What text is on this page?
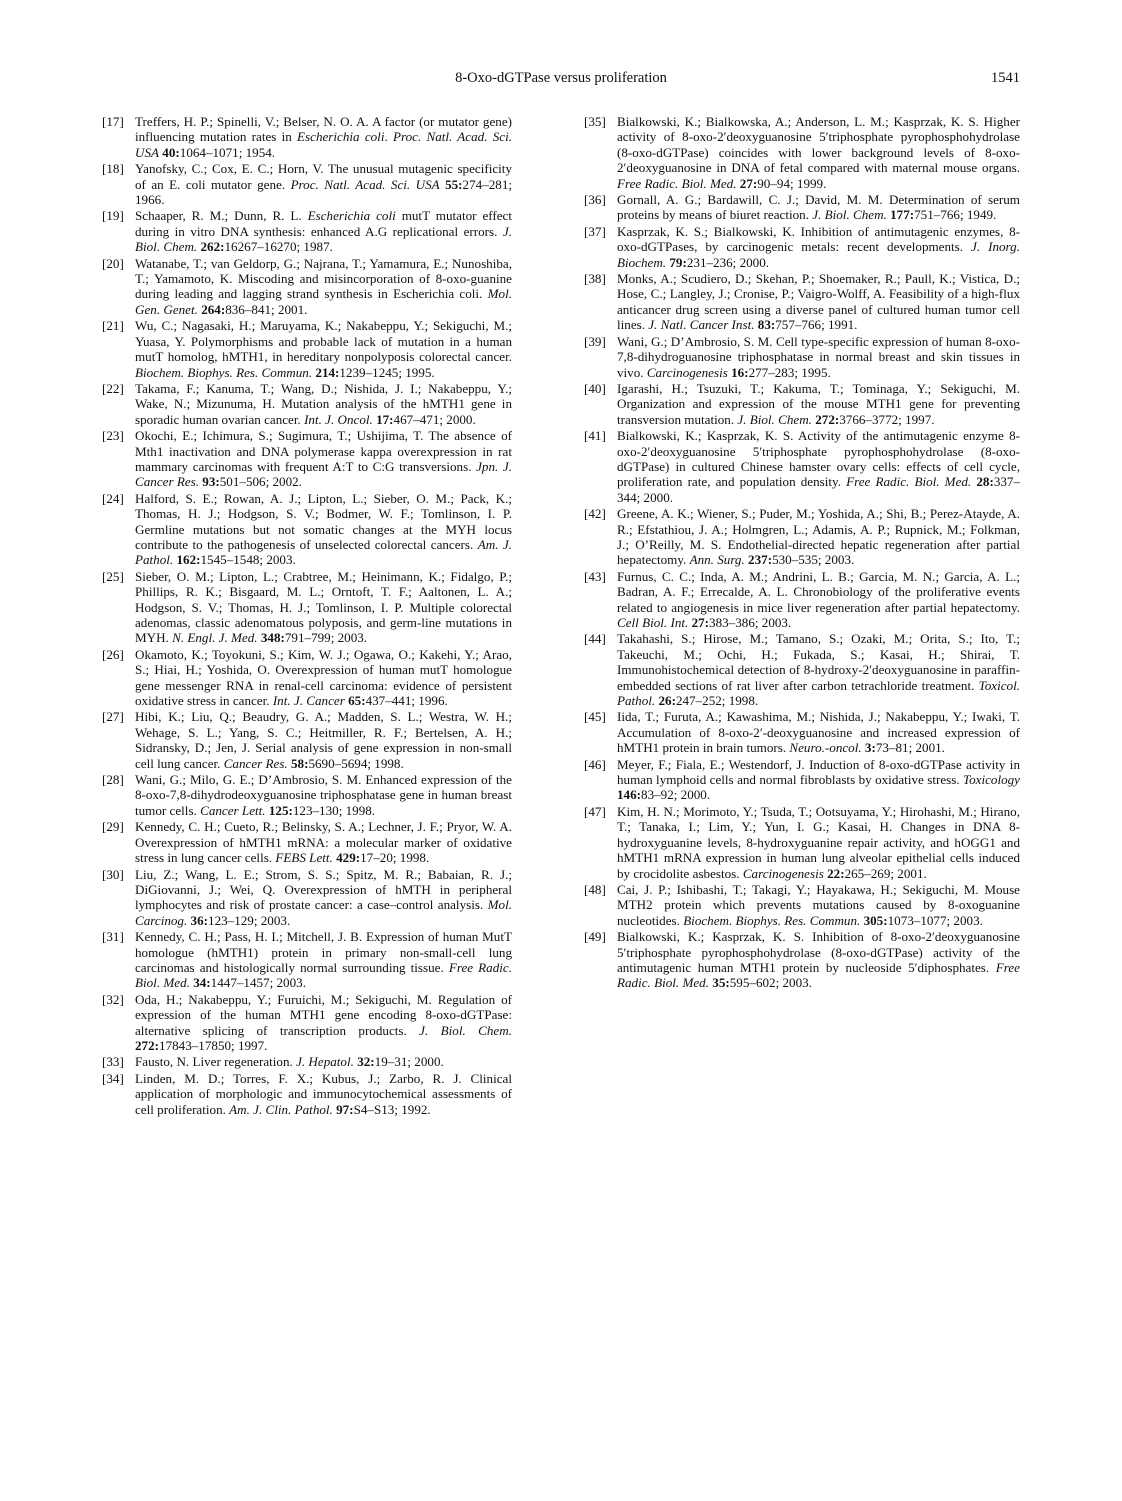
8-Oxo-dGTPase versus proliferation	1541
[17] Treffers, H. P.; Spinelli, V.; Belser, N. O. A. A factor (or mutator gene) influencing mutation rates in Escherichia coli. Proc. Natl. Acad. Sci. USA 40:1064–1071; 1954.
[18] Yanofsky, C.; Cox, E. C.; Horn, V. The unusual mutagenic specificity of an E. coli mutator gene. Proc. Natl. Acad. Sci. USA 55:274–281; 1966.
[19] Schaaper, R. M.; Dunn, R. L. Escherichia coli mutT mutator effect during in vitro DNA synthesis: enhanced A.G replicational errors. J. Biol. Chem. 262:16267–16270; 1987.
[20] Watanabe, T.; van Geldorp, G.; Najrana, T.; Yamamura, E.; Nunoshiba, T.; Yamamoto, K. Miscoding and misincorporation of 8-oxo-guanine during leading and lagging strand synthesis in Escherichia coli. Mol. Gen. Genet. 264:836–841; 2001.
[21] Wu, C.; Nagasaki, H.; Maruyama, K.; Nakabeppu, Y.; Sekiguchi, M.; Yuasa, Y. Polymorphisms and probable lack of mutation in a human mutT homolog, hMTH1, in hereditary nonpolyposis colorectal cancer. Biochem. Biophys. Res. Commun. 214:1239–1245; 1995.
[22] Takama, F.; Kanuma, T.; Wang, D.; Nishida, J. I.; Nakabeppu, Y.; Wake, N.; Mizunuma, H. Mutation analysis of the hMTH1 gene in sporadic human ovarian cancer. Int. J. Oncol. 17:467–471; 2000.
[23] Okochi, E.; Ichimura, S.; Sugimura, T.; Ushijima, T. The absence of Mth1 inactivation and DNA polymerase kappa overexpression in rat mammary carcinomas with frequent A:T to C:G transversions. Jpn. J. Cancer Res. 93:501–506; 2002.
[24] Halford, S. E.; Rowan, A. J.; Lipton, L.; Sieber, O. M.; Pack, K.; Thomas, H. J.; Hodgson, S. V.; Bodmer, W. F.; Tomlinson, I. P. Germline mutations but not somatic changes at the MYH locus contribute to the pathogenesis of unselected colorectal cancers. Am. J. Pathol. 162:1545–1548; 2003.
[25] Sieber, O. M.; Lipton, L.; Crabtree, M.; Heinimann, K.; Fidalgo, P.; Phillips, R. K.; Bisgaard, M. L.; Orntoft, T. F.; Aaltonen, L. A.; Hodgson, S. V.; Thomas, H. J.; Tomlinson, I. P. Multiple colorectal adenomas, classic adenomatous polyposis, and germ-line mutations in MYH. N. Engl. J. Med. 348:791–799; 2003.
[26] Okamoto, K.; Toyokuni, S.; Kim, W. J.; Ogawa, O.; Kakehi, Y.; Arao, S.; Hiai, H.; Yoshida, O. Overexpression of human mutT homologue gene messenger RNA in renal-cell carcinoma: evidence of persistent oxidative stress in cancer. Int. J. Cancer 65:437–441; 1996.
[27] Hibi, K.; Liu, Q.; Beaudry, G. A.; Madden, S. L.; Westra, W. H.; Wehage, S. L.; Yang, S. C.; Heitmiller, R. F.; Bertelsen, A. H.; Sidransky, D.; Jen, J. Serial analysis of gene expression in non-small cell lung cancer. Cancer Res. 58:5690–5694; 1998.
[28] Wani, G.; Milo, G. E.; D’Ambrosio, S. M. Enhanced expression of the 8-oxo-7,8-dihydrodeoxyguanosine triphosphatase gene in human breast tumor cells. Cancer Lett. 125:123–130; 1998.
[29] Kennedy, C. H.; Cueto, R.; Belinsky, S. A.; Lechner, J. F.; Pryor, W. A. Overexpression of hMTH1 mRNA: a molecular marker of oxidative stress in lung cancer cells. FEBS Lett. 429:17–20; 1998.
[30] Liu, Z.; Wang, L. E.; Strom, S. S.; Spitz, M. R.; Babaian, R. J.; DiGiovanni, J.; Wei, Q. Overexpression of hMTH in peripheral lymphocytes and risk of prostate cancer: a case–control analysis. Mol. Carcinog. 36:123–129; 2003.
[31] Kennedy, C. H.; Pass, H. I.; Mitchell, J. B. Expression of human MutT homologue (hMTH1) protein in primary non-small-cell lung carcinomas and histologically normal surrounding tissue. Free Radic. Biol. Med. 34:1447–1457; 2003.
[32] Oda, H.; Nakabeppu, Y.; Furuichi, M.; Sekiguchi, M. Regulation of expression of the human MTH1 gene encoding 8-oxo-dGTPase: alternative splicing of transcription products. J. Biol. Chem. 272:17843–17850; 1997.
[33] Fausto, N. Liver regeneration. J. Hepatol. 32:19–31; 2000.
[34] Linden, M. D.; Torres, F. X.; Kubus, J.; Zarbo, R. J. Clinical application of morphologic and immunocytochemical assessments of cell proliferation. Am. J. Clin. Pathol. 97:S4–S13; 1992.
[35] Bialkowski, K.; Bialkowska, A.; Anderson, L. M.; Kasprzak, K. S. Higher activity of 8-oxo-2′deoxyguanosine 5′triphosphate pyrophosphohydrolase (8-oxo-dGTPase) coincides with lower background levels of 8-oxo-2′deoxyguanosine in DNA of fetal compared with maternal mouse organs. Free Radic. Biol. Med. 27:90–94; 1999.
[36] Gornall, A. G.; Bardawill, C. J.; David, M. M. Determination of serum proteins by means of biuret reaction. J. Biol. Chem. 177:751–766; 1949.
[37] Kasprzak, K. S.; Bialkowski, K. Inhibition of antimutagenic enzymes, 8-oxo-dGTPases, by carcinogenic metals: recent developments. J. Inorg. Biochem. 79:231–236; 2000.
[38] Monks, A.; Scudiero, D.; Skehan, P.; Shoemaker, R.; Paull, K.; Vistica, D.; Hose, C.; Langley, J.; Cronise, P.; Vaigro-Wolff, A. Feasibility of a high-flux anticancer drug screen using a diverse panel of cultured human tumor cell lines. J. Natl. Cancer Inst. 83:757–766; 1991.
[39] Wani, G.; D’Ambrosio, S. M. Cell type-specific expression of human 8-oxo-7,8-dihydroguanosine triphosphatase in normal breast and skin tissues in vivo. Carcinogenesis 16:277–283; 1995.
[40] Igarashi, H.; Tsuzuki, T.; Kakuma, T.; Tominaga, Y.; Sekiguchi, M. Organization and expression of the mouse MTH1 gene for preventing transversion mutation. J. Biol. Chem. 272:3766–3772; 1997.
[41] Bialkowski, K.; Kasprzak, K. S. Activity of the antimutagenic enzyme 8-oxo-2′deoxyguanosine 5′triphosphate pyrophosphohydrolase (8-oxo-dGTPase) in cultured Chinese hamster ovary cells: effects of cell cycle, proliferation rate, and population density. Free Radic. Biol. Med. 28:337–344; 2000.
[42] Greene, A. K.; Wiener, S.; Puder, M.; Yoshida, A.; Shi, B.; Perez-Atayde, A. R.; Efstathiou, J. A.; Holmgren, L.; Adamis, A. P.; Rupnick, M.; Folkman, J.; O’Reilly, M. S. Endothelial-directed hepatic regeneration after partial hepatectomy. Ann. Surg. 237:530–535; 2003.
[43] Furnus, C. C.; Inda, A. M.; Andrini, L. B.; Garcia, M. N.; Garcia, A. L.; Badran, A. F.; Errecalde, A. L. Chronobiology of the proliferative events related to angiogenesis in mice liver regeneration after partial hepatectomy. Cell Biol. Int. 27:383–386; 2003.
[44] Takahashi, S.; Hirose, M.; Tamano, S.; Ozaki, M.; Orita, S.; Ito, T.; Takeuchi, M.; Ochi, H.; Fukada, S.; Kasai, H.; Shirai, T. Immunohistochemical detection of 8-hydroxy-2′deoxyguanosine in paraffin-embedded sections of rat liver after carbon tetrachloride treatment. Toxicol. Pathol. 26:247–252; 1998.
[45] Iida, T.; Furuta, A.; Kawashima, M.; Nishida, J.; Nakabeppu, Y.; Iwaki, T. Accumulation of 8-oxo-2′-deoxyguanosine and increased expression of hMTH1 protein in brain tumors. Neuro.-oncol. 3:73–81; 2001.
[46] Meyer, F.; Fiala, E.; Westendorf, J. Induction of 8-oxo-dGTPase activity in human lymphoid cells and normal fibroblasts by oxidative stress. Toxicology 146:83–92; 2000.
[47] Kim, H. N.; Morimoto, Y.; Tsuda, T.; Ootsuyama, Y.; Hirohashi, M.; Hirano, T.; Tanaka, I.; Lim, Y.; Yun, I. G.; Kasai, H. Changes in DNA 8-hydroxyguanine levels, 8-hydroxyguanine repair activity, and hOGG1 and hMTH1 mRNA expression in human lung alveolar epithelial cells induced by crocidolite asbestos. Carcinogenesis 22:265–269; 2001.
[48] Cai, J. P.; Ishibashi, T.; Takagi, Y.; Hayakawa, H.; Sekiguchi, M. Mouse MTH2 protein which prevents mutations caused by 8-oxoguanine nucleotides. Biochem. Biophys. Res. Commun. 305:1073–1077; 2003.
[49] Bialkowski, K.; Kasprzak, K. S. Inhibition of 8-oxo-2′deoxyguanosine 5′triphosphate pyrophosphohydrolase (8-oxo-dGTPase) activity of the antimutagenic human MTH1 protein by nucleoside 5′diphosphates. Free Radic. Biol. Med. 35:595–602; 2003.
